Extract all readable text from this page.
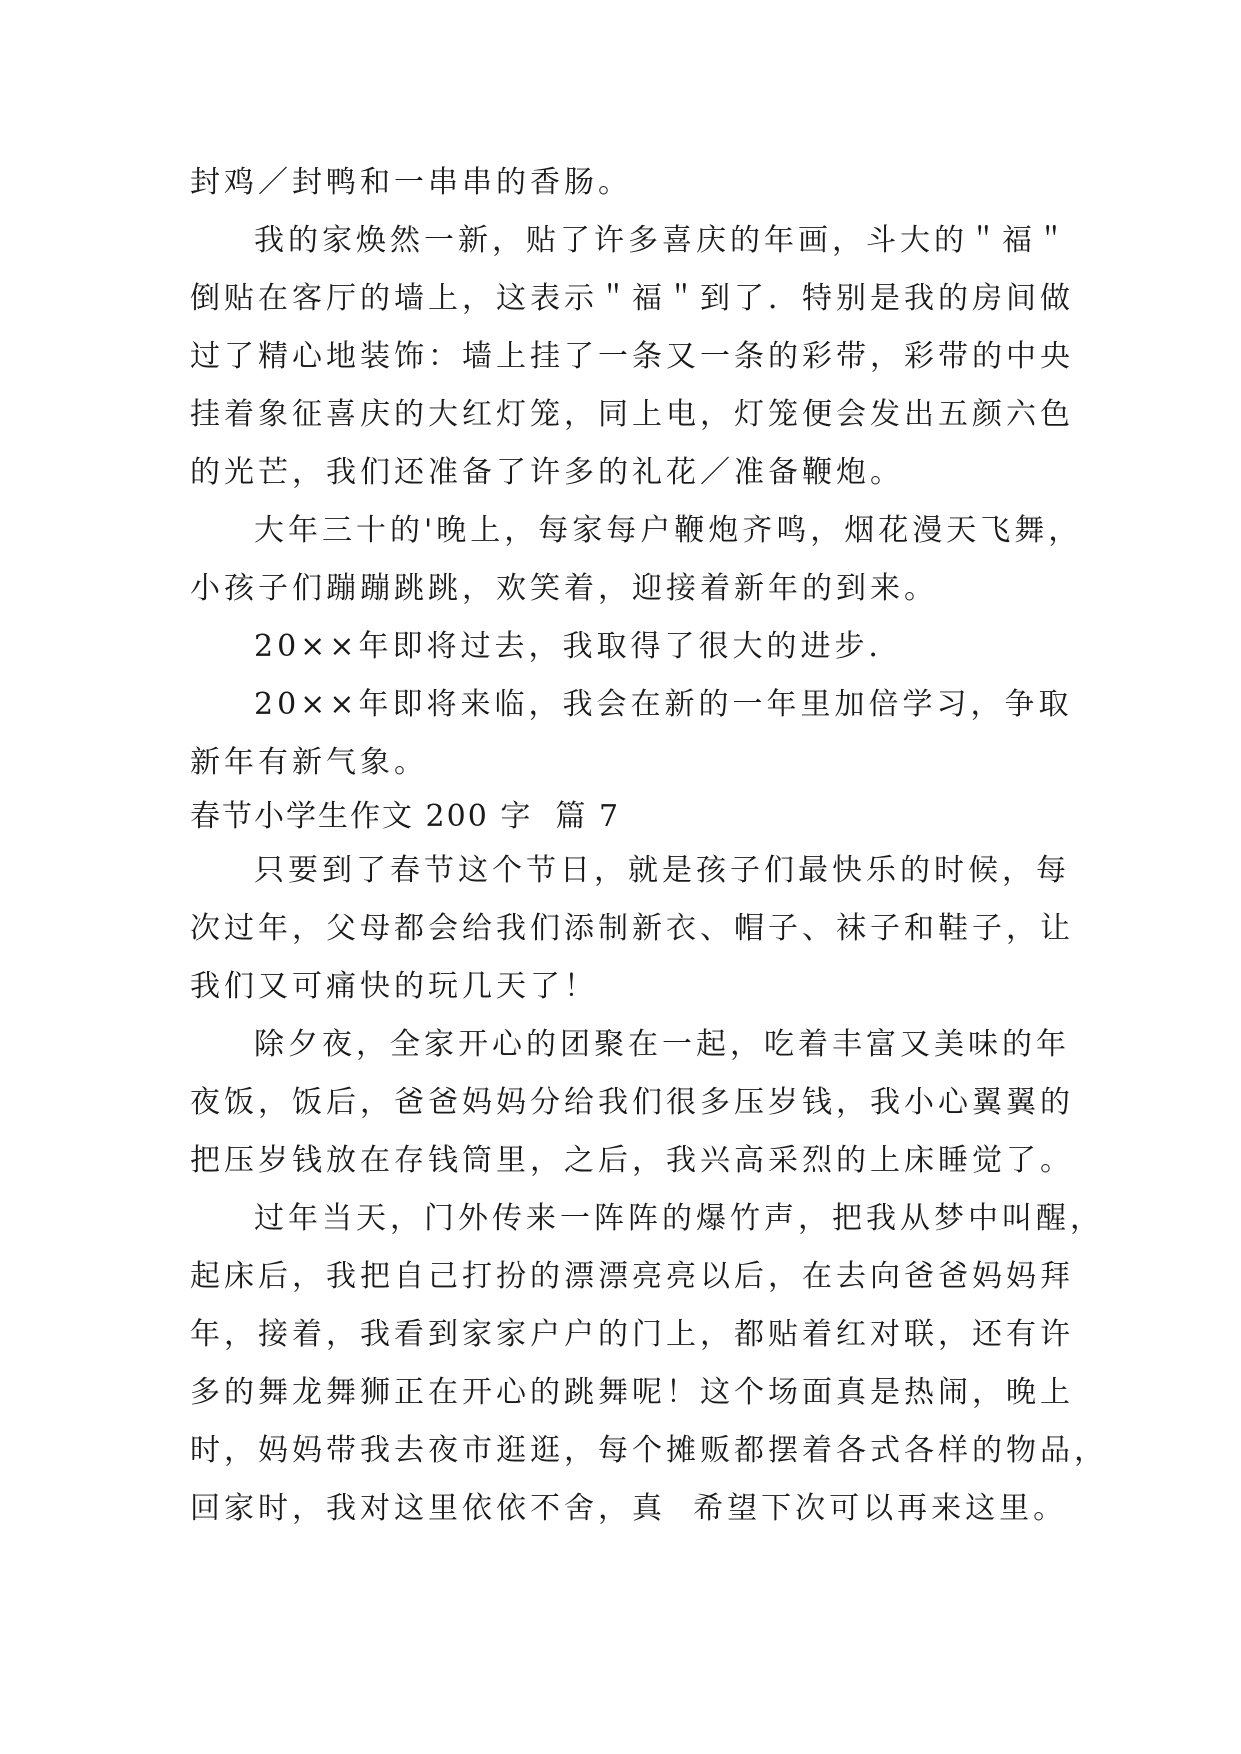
封鸡／封鸭和一串串的香肠。
我的家焕然一新，贴了许多喜庆的年画，斗大的＂福＂
倒贴在客厅的墙上，这表示＂福＂到了．特别是我的房间做
过了精心地装饰：墙上挂了一条又一条的彩带，彩带的中央
挂着象征喜庆的大红灯笼，同上电，灯笼便会发出五颜六色
的光芒，我们还准备了许多的礼花／准备鞭炮。
大年三十的'晚上，每家每户鞭炮齐鸣，烟花漫天飞舞，
小孩子们蹦蹦跳跳，欢笑着，迎接着新年的到来。
20××年即将过去，我取得了很大的进步．
20××年即将来临，我会在新的一年里加倍学习，争取
新年有新气象。
春节小学生作文 200 字  篇 7
只要到了春节这个节日，就是孩子们最快乐的时候，每
次过年，父母都会给我们添制新衣、帽子、袜子和鞋子，让
我们又可痛快的玩几天了！
除夕夜，全家开心的团聚在一起，吃着丰富又美味的年
夜饭，饭后，爸爸妈妈分给我们很多压岁钱，我小心翼翼的
把压岁钱放在存钱筒里，之后，我兴高采烈的上床睡觉了。
过年当天，门外传来一阵阵的爆竹声，把我从梦中叫醒，
起床后，我把自己打扮的漂漂亮亮以后，在去向爸爸妈妈拜
年，接着，我看到家家户户的门上，都贴着红对联，还有许
多的舞龙舞狮正在开心的跳舞呢！这个场面真是热闹，晚上
时，妈妈带我去夜市逛逛，每个摊贩都摆着各式各样的物品，
回家时，我对这里依依不舍，真  希望下次可以再来这里。
